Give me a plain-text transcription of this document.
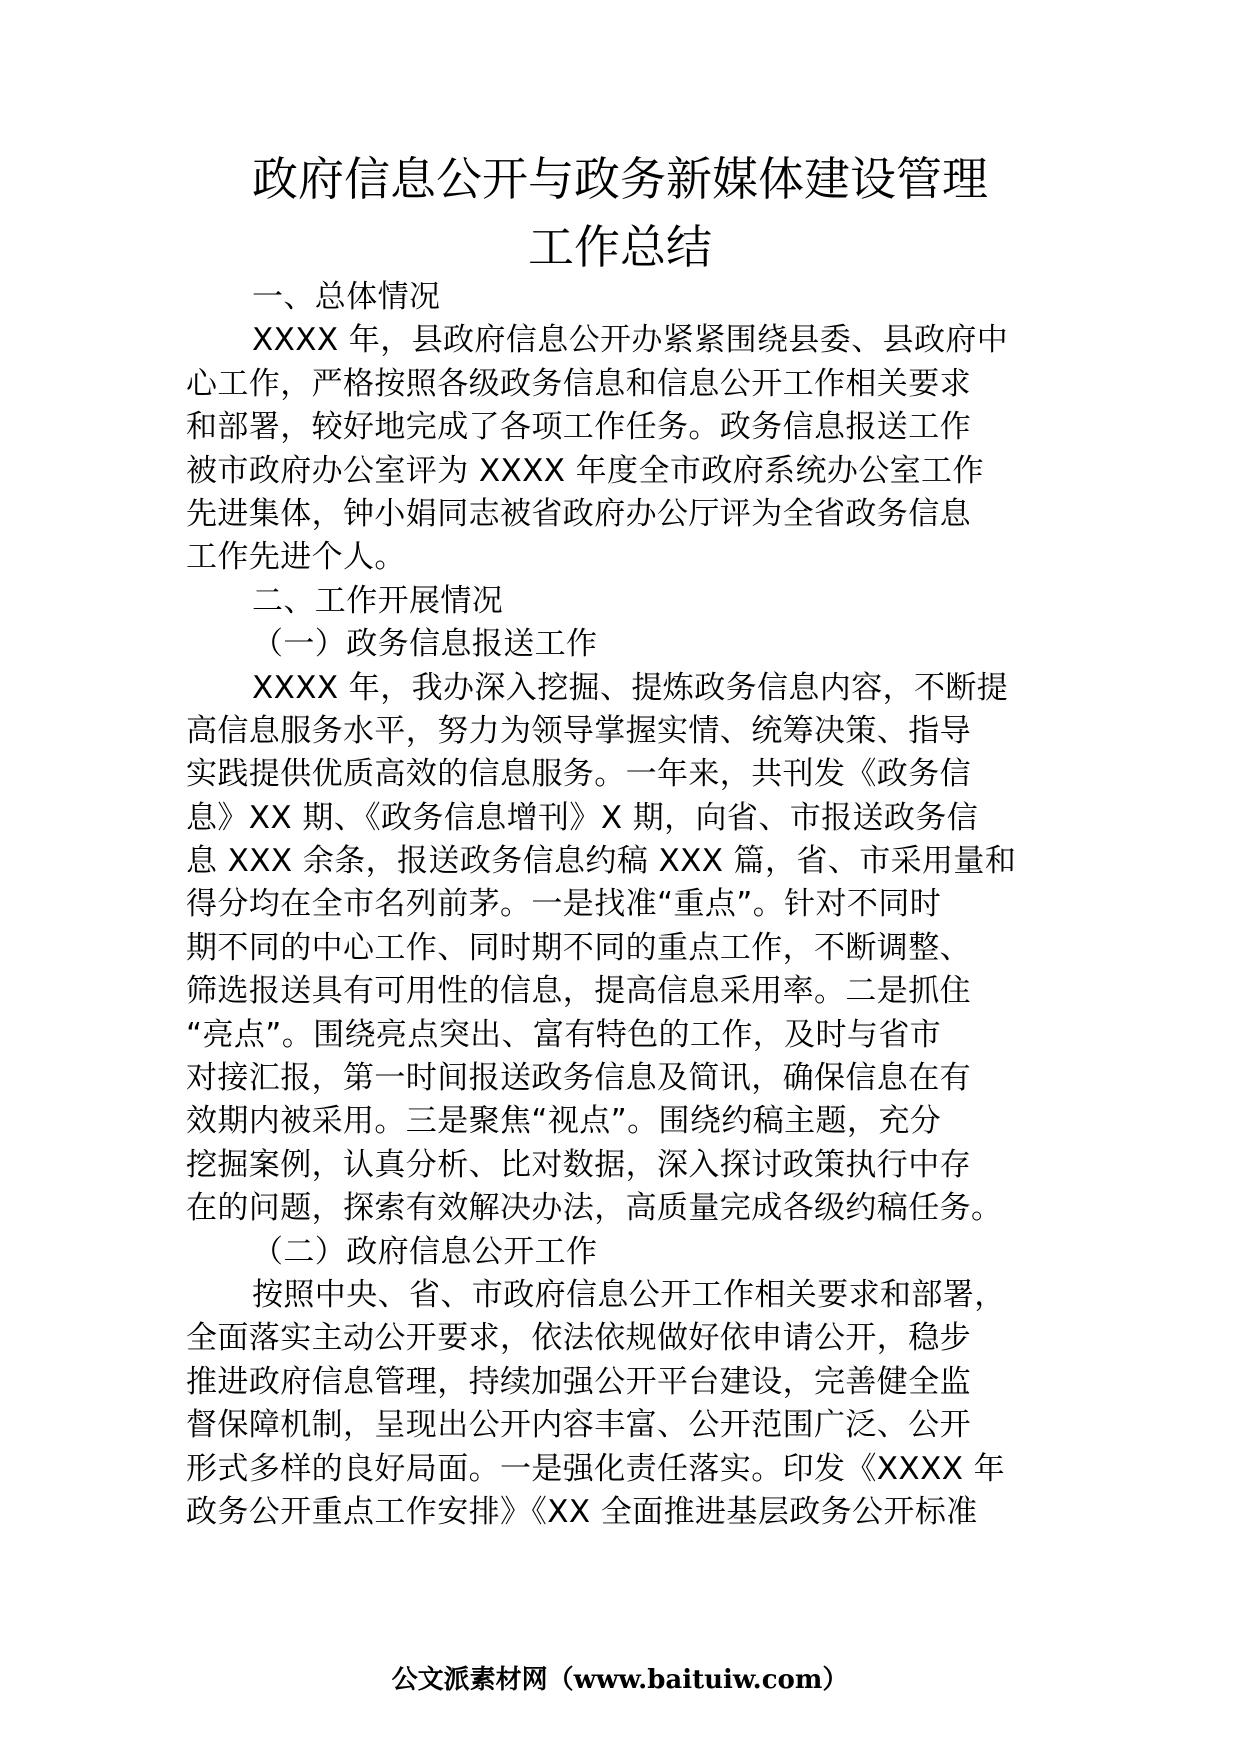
政府信息公开与政务新媒体建设管理
工作总结
一、总体情况
XXXX 年，县政府信息公开办紧紧围绕县委、县政府中
心工作，严格按照各级政务信息和信息公开工作相关要求
和部署，较好地完成了各项工作任务。政务信息报送工作
被市政府办公室评为 XXXX 年度全市政府系统办公室工作
先进集体，钟小娟同志被省政府办公厅评为全省政务信息
工作先进个人。
二、工作开展情况
（一）政务信息报送工作
XXXX 年，我办深入挖掘、提炼政务信息内容，不断提
高信息服务水平，努力为领导掌握实情、统筹决策、指导
实践提供优质高效的信息服务。一年来，共刊发《政务信
息》XX 期、《政务信息增刊》X 期，向省、市报送政务信
息 XXX 余条，报送政务信息约稿 XXX 篇，省、市采用量和
得分均在全市名列前茅。一是找准“重点”。针对不同时
期不同的中心工作、同时期不同的重点工作，不断调整、
筛选报送具有可用性的信息，提高信息采用率。二是抓住
“亮点”。围绕亮点突出、富有特色的工作，及时与省市
对接汇报，第一时间报送政务信息及简讯，确保信息在有
效期内被采用。三是聚焦“视点”。围绕约稿主题，充分
挖掘案例，认真分析、比对数据，深入探讨政策执行中存
在的问题，探索有效解决办法，高质量完成各级约稿任务。
（二）政府信息公开工作
按照中央、省、市政府信息公开工作相关要求和部署，
全面落实主动公开要求，依法依规做好依申请公开，稳步
推进政府信息管理，持续加强公开平台建设，完善健全监
督保障机制，呈现出公开内容丰富、公开范围广泛、公开
形式多样的良好局面。一是强化责任落实。印发《XXXX 年
政务公开重点工作安排》《XX 全面推进基层政务公开标准
公文派素材网（www.baituiw.com）
